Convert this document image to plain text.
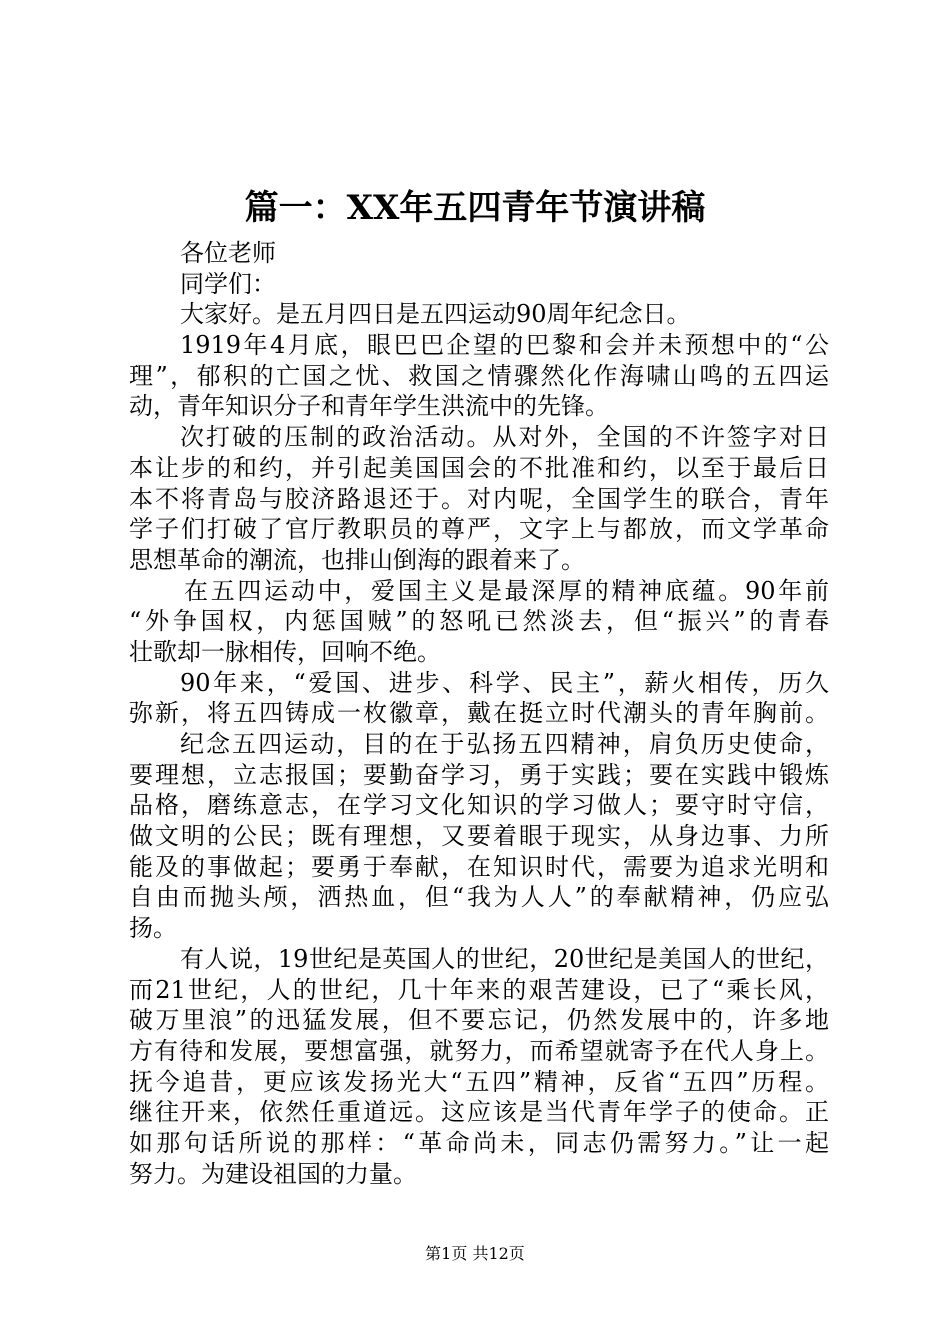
篇一：XX年五四青年节演讲稿
各位老师
同学们：
大家好。是五月四日是五四运动90周年纪念日。
1919年4月底，眼巴巴企望的巴黎和会并未预想中的“公
理”，郁积的亡国之忧、救国之情骤然化作海啸山鸣的五四运
动，青年知识分子和青年学生洪流中的先锋。
次打破的压制的政治活动。从对外，全国的不许签字对日
本让步的和约，并引起美国国会的不批准和约，以至于最后日
本不将青岛与胶济路退还于。对内呢，全国学生的联合，青年
学子们打破了官厅教职员的尊严，文字上与都放，而文学革命
思想革命的潮流，也排山倒海的跟着来了。
在五四运动中，爱国主义是最深厚的精神底蕴。90年前
“外争国权，内惩国贼”的怒吼已然淡去，但“振兴”的青春
壮歌却一脉相传，回响不绝。
90年来，“爱国、进步、科学、民主”，薪火相传，历久
弥新，将五四铸成一枚徽章，戴在挺立时代潮头的青年胸前。
纪念五四运动，目的在于弘扬五四精神，肩负历史使命，
要理想，立志报国；要勤奋学习，勇于实践；要在实践中锻炼
品格，磨练意志，在学习文化知识的学习做人；要守时守信，
做文明的公民；既有理想，又要着眼于现实，从身边事、力所
能及的事做起；要勇于奉献，在知识时代，需要为追求光明和
自由而抛头颅，洒热血，但“我为人人”的奉献精神，仍应弘
扬。
有人说，19世纪是英国人的世纪，20世纪是美国人的世纪，
而21世纪，人的世纪，几十年来的艰苦建设，已了“乘长风，
破万里浪”的迅猛发展，但不要忘记，仍然发展中的，许多地
方有待和发展，要想富强，就努力，而希望就寄予在代人身上。
抚今追昔，更应该发扬光大“五四”精神，反省“五四”历程。
继往开来，依然任重道远。这应该是当代青年学子的使命。正
如那句话所说的那样：“革命尚未，同志仍需努力。”让一起
努力。为建设祖国的力量。
第1页 共12页
